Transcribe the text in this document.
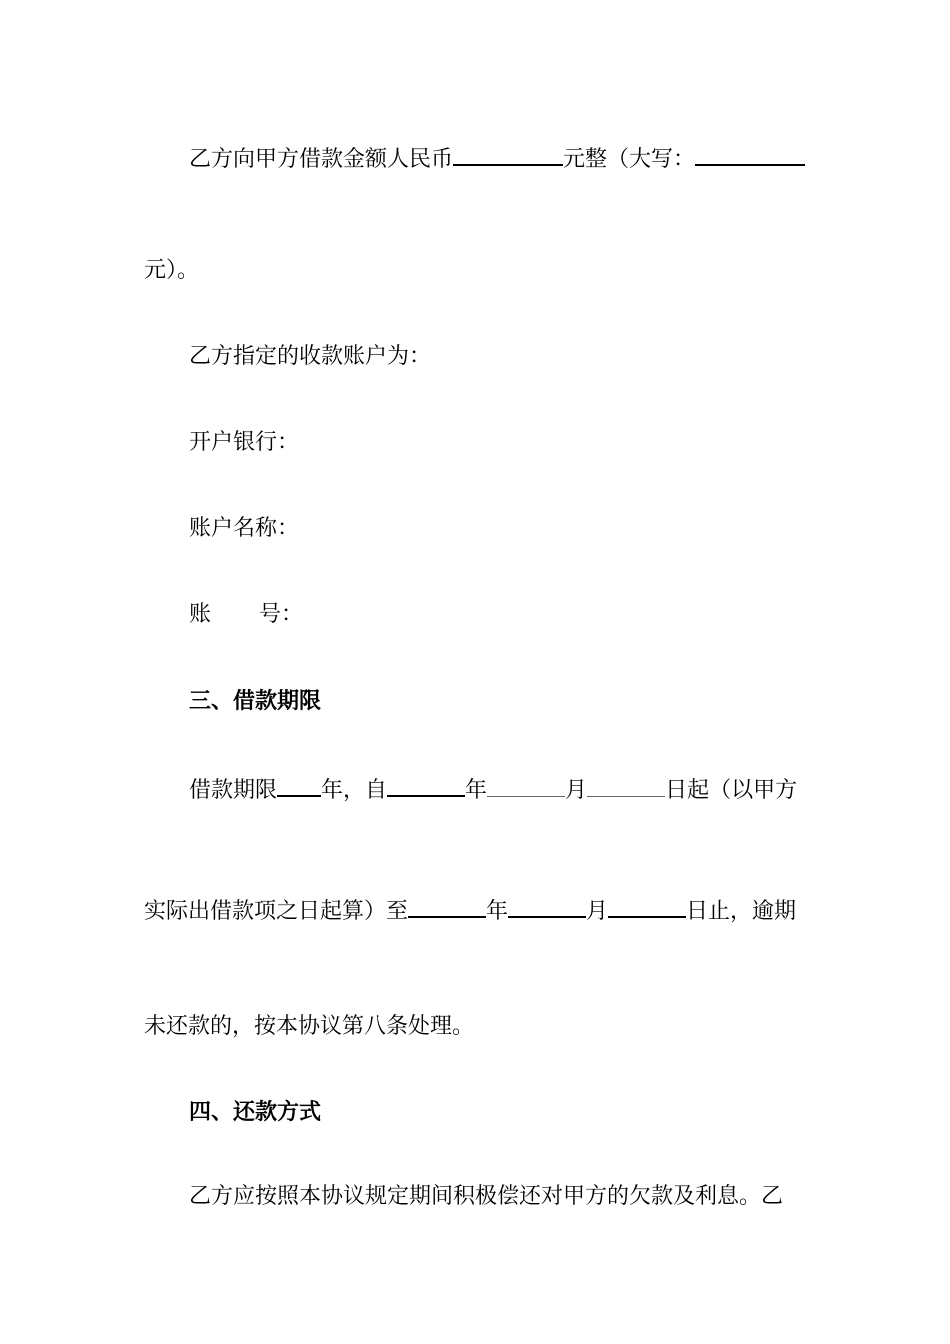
乙方向甲方借款金额人民币	元整（大写：
元）。
乙方指定的收款账户为：
开户银行：
账户名称：
账 号：
三、借款期限
借款期限 年，自	年	月	日起（以甲方
实际出借款项之日起算）至	年	月	日止，逾期
未还款的，按本协议第八条处理。
四、还款方式
乙方应按照本协议规定期间积极偿还对甲方的欠款及利息。乙
